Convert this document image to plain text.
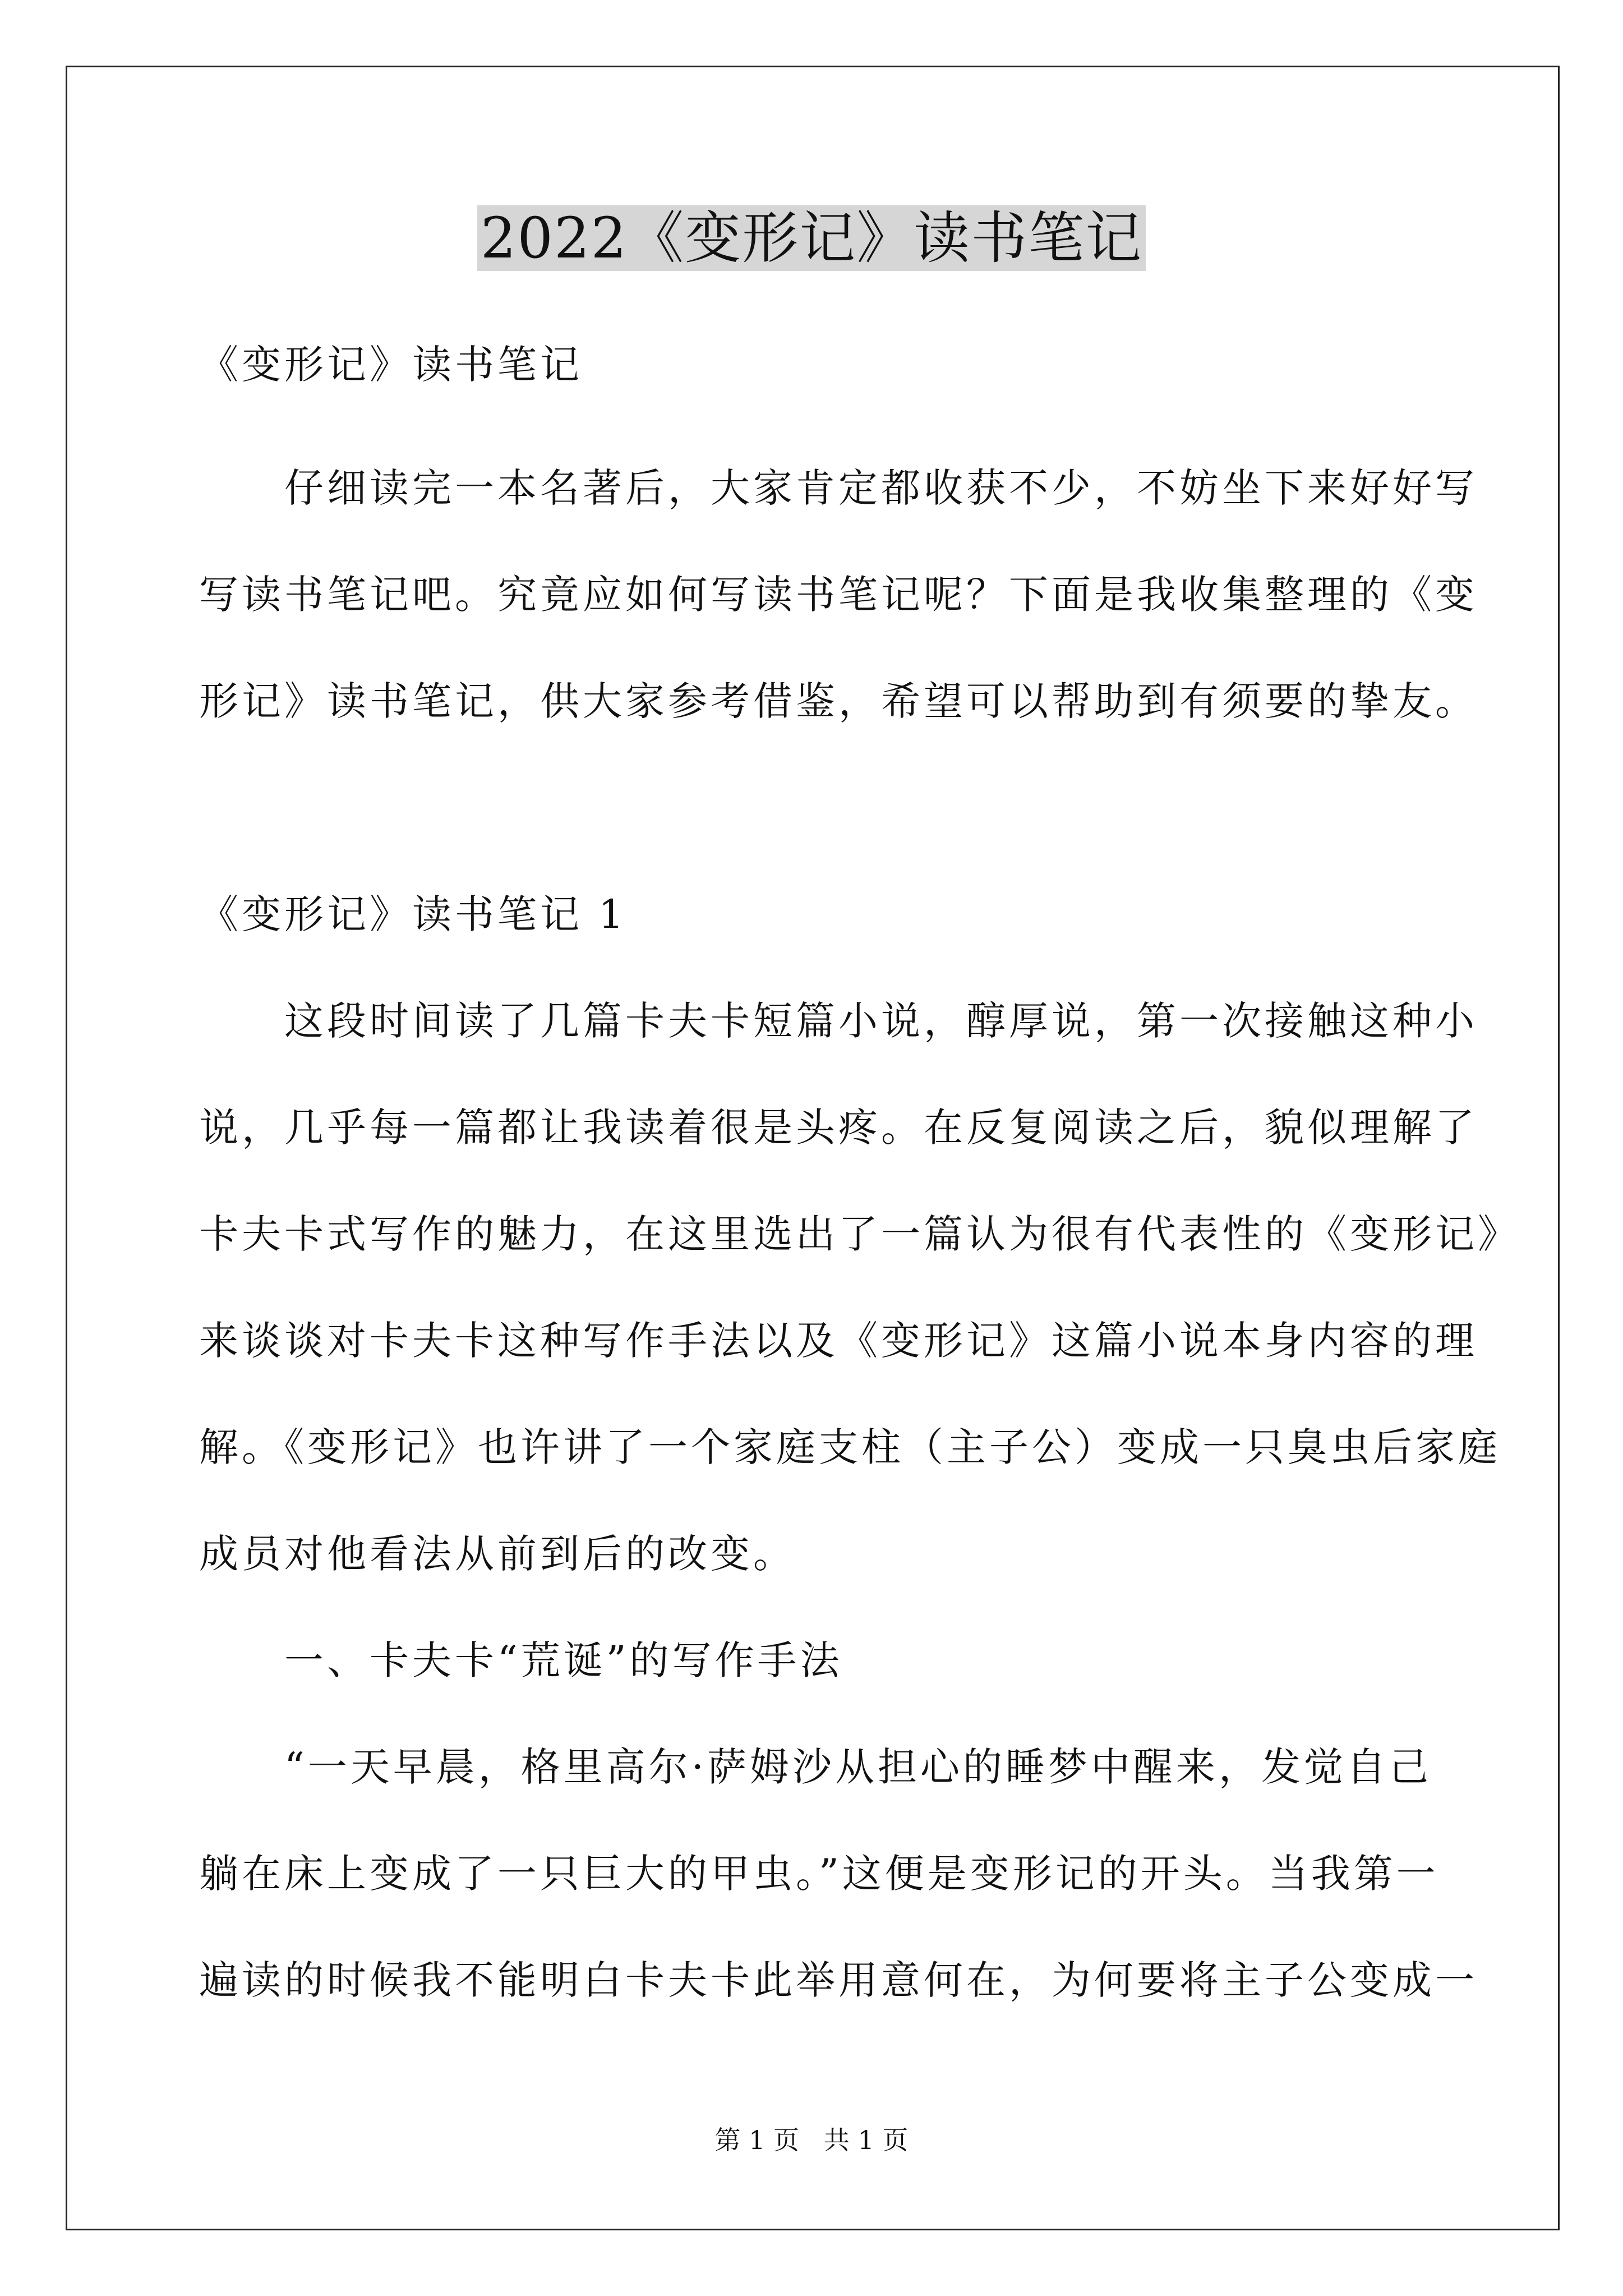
2022《变形记》读书笔记
《变形记》读书笔记
　　仔细读完一本名著后，大家肯定都收获不少，不妨坐下来好好写
写读书笔记吧。究竟应如何写读书笔记呢？下面是我收集整理的《变
形记》读书笔记，供大家参考借鉴，希望可以帮助到有须要的挚友。
《变形记》读书笔记 1
　　这段时间读了几篇卡夫卡短篇小说，醇厚说，第一次接触这种小
说，几乎每一篇都让我读着很是头疼。在反复阅读之后，貌似理解了
卡夫卡式写作的魅力，在这里选出了一篇认为很有代表性的《变形记》
来谈谈对卡夫卡这种写作手法以及《变形记》这篇小说本身内容的理
解。《变形记》也许讲了一个家庭支柱（主子公）变成一只臭虫后家庭
成员对他看法从前到后的改变。
　　一、卡夫卡“荒诞”的写作手法
　　“一天早晨，格里高尔·萨姆沙从担心的睡梦中醒来，发觉自己
躺在床上变成了一只巨大的甲虫。”这便是变形记的开头。当我第一
遍读的时候我不能明白卡夫卡此举用意何在，为何要将主子公变成一
第 1 页   共 1 页
